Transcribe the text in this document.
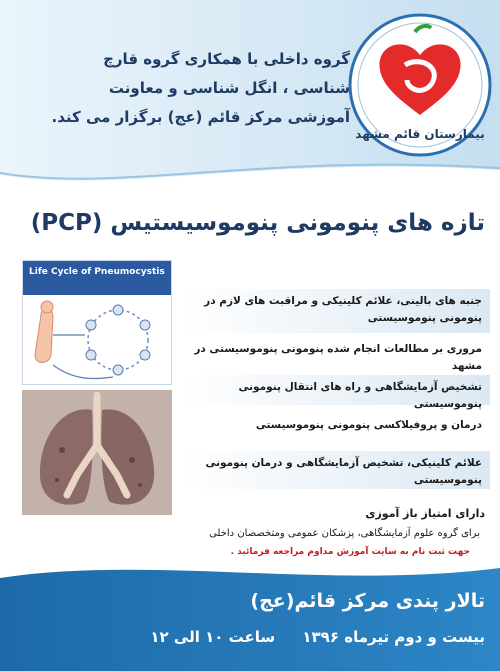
گروه داخلی با همکاری گروه قارچ شناسی ، انگل شناسی و معاونت آموزشی مرکز قائم (عج) برگزار می کند.
بیمارستان قائم مشهد
تازه های پنومونی پنوموسیستیس (PCP)
Life Cycle of Pneumocystis
جنبه های بالینی، علائم کلینیکی و مراقبت های لازم در پنومونی پنوموسیستی
مروری بر مطالعات انجام شده پنومونی پنوموسیستی در مشهد
تشخیص آزمایشگاهی و راه های انتقال پنومونی پنوموسیستی
درمان و پروفیلاکسی پنومونی پنوموسیستی
علائم کلینیکی، تشخیص آزمایشگاهی و درمان پنومونی پنوموسیستی
دارای امتیاز باز آموزی
برای گروه علوم آزمایشگاهی، پزشکان عمومی ومتخصصان داخلی
جهت ثبت نام به سایت آموزش مداوم مراجعه فرمائید .
تالار پندی مرکز قائم(عج)
بیست و دوم تیرماه ۱۳۹۶ ساعت ۱۰ الی ۱۲
